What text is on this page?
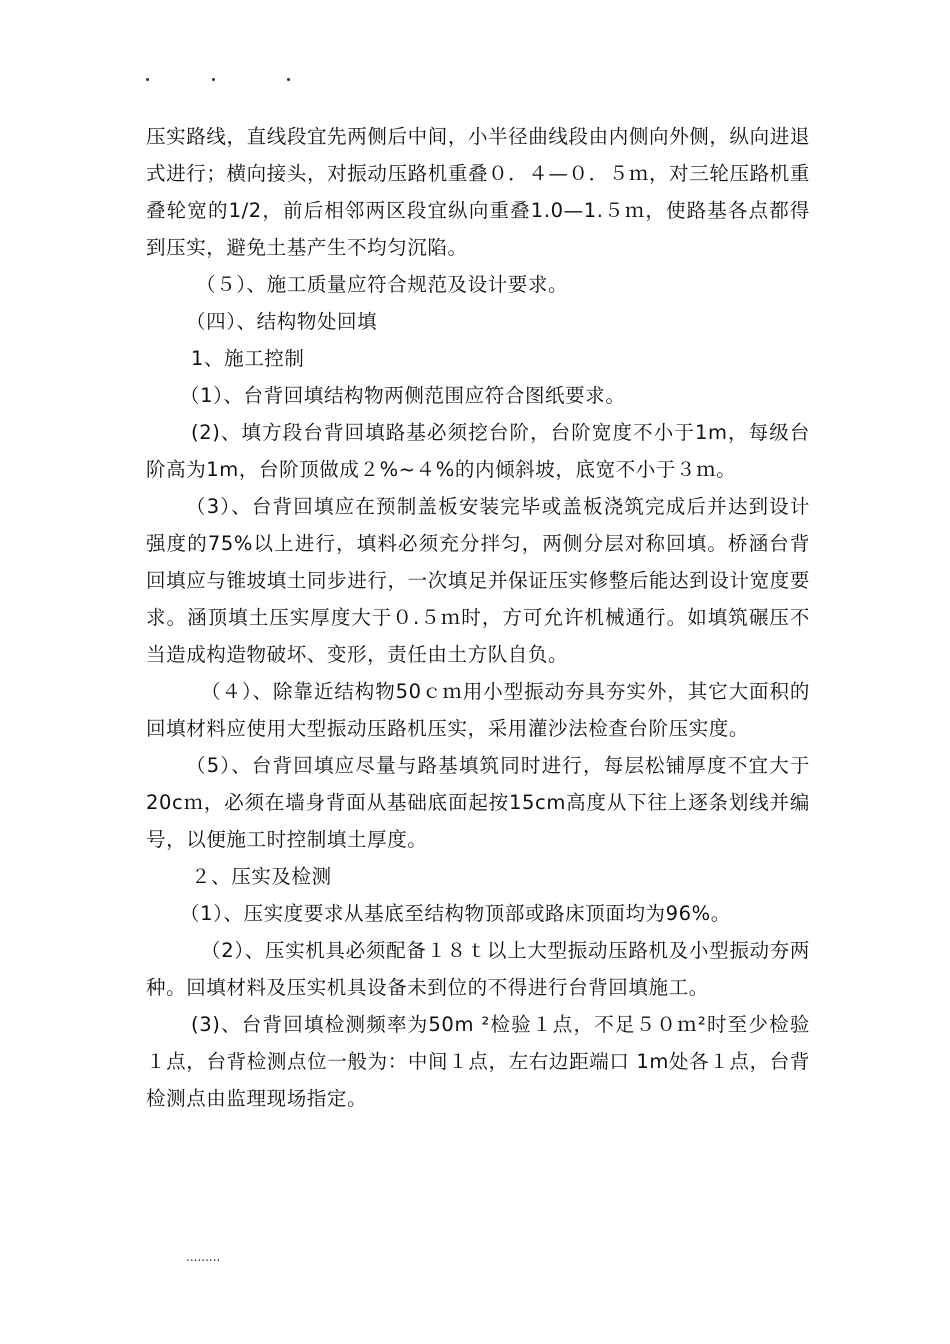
压实路线，直线段宜先两侧后中间，小半径曲线段由内侧向外侧，纵向进退式进行；横向接头，对振动压路机重叠０．４—０．５ｍ，对三轮压路机重叠轮宽的1/2，前后相邻两区段宜纵向重叠1.0—1.５ｍ，使路基各点都得到压实，避免土基产生不均匀沉陷。

（５）、施工质量应符合规范及设计要求。

（四）、结构物处回填

1、施工控制

（1）、台背回填结构物两侧范围应符合图纸要求。

(2)、填方段台背回填路基必须挖台阶，台阶宽度不小于1m，每级台阶高为1m，台阶顶做成２%~４%的内倾斜坡，底宽不小于３ｍ。

（3）、台背回填应在预制盖板安装完毕或盖板浇筑完成后并达到设计强度的75%以上进行，填料必须充分拌匀，两侧分层对称回填。桥涵台背回填应与锥坡填土同步进行，一次填足并保证压实修整后能达到设计宽度要求。涵顶填土压实厚度大于０.５ｍ时，方可允许机械通行。如填筑碾压不当造成构造物破坏、变形，责任由土方队自负。

（４）、除靠近结构物50ｃｍ用小型振动夯具夯实外，其它大面积的回填材料应使用大型振动压路机压实，采用灌沙法检查台阶压实度。

（5）、台背回填应尽量与路基填筑同时进行，每层松铺厚度不宜大于20cｍ，必须在墙身背面从基础底面起按15cm高度从下往上逐条划线并编号，以便施工时控制填土厚度。

２、压实及检测

（1）、压实度要求从基底至结构物顶部或路床顶面均为96%。

（2）、压实机具必须配备１８ｔ以上大型振动压路机及小型振动夯两种。回填材料及压实机具设备未到位的不得进行台背回填施工。

(3)、台背回填检测频率为50m ²检验１点，不足５０ｍ²时至少检验１点，台背检测点位一般为：中间１点，左右边距端口 1m处各１点，台背检测点由监理现场指定。

.........
